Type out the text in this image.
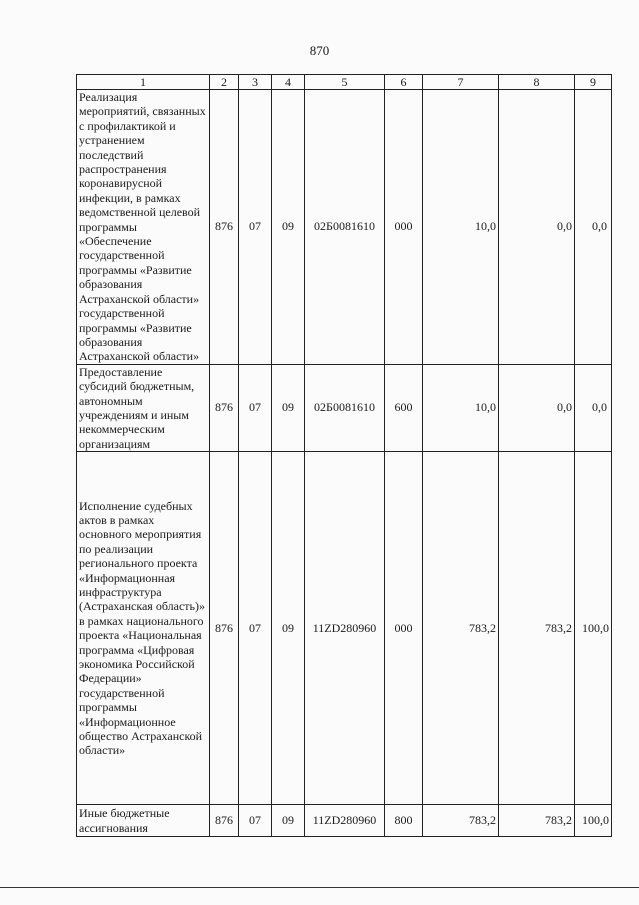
870
1	2	3	4	5	6	7	8	9
Реализация мероприятий, связанных с профилактикой и устранением последствий распространения коронавирусной инфекции, в рамках ведомственной целевой программы «Обеспечение государственной программы «Развитие образования Астраханской области» государственной программы «Развитие образования Астраханской области»	876	07	09	02Б0081610	000	10,0	0,0	0,0
Предоставление субсидий бюджетным, автономным учреждениям и иным некоммерческим организациям	876	07	09	02Б0081610	600	10,0	0,0	0,0
Исполнение судебных актов в рамках основного мероприятия по реализации регионального проекта «Информационная инфраструктура (Астраханская область)» в рамках национального проекта «Национальная программа «Цифровая экономика Российской Федерации» государственной программы «Информационное общество Астраханской области»	876	07	09	11ZD280960	000	783,2	783,2	100,0
Иные бюджетные ассигнования	876	07	09	11ZD280960	800	783,2	783,2	100,0
